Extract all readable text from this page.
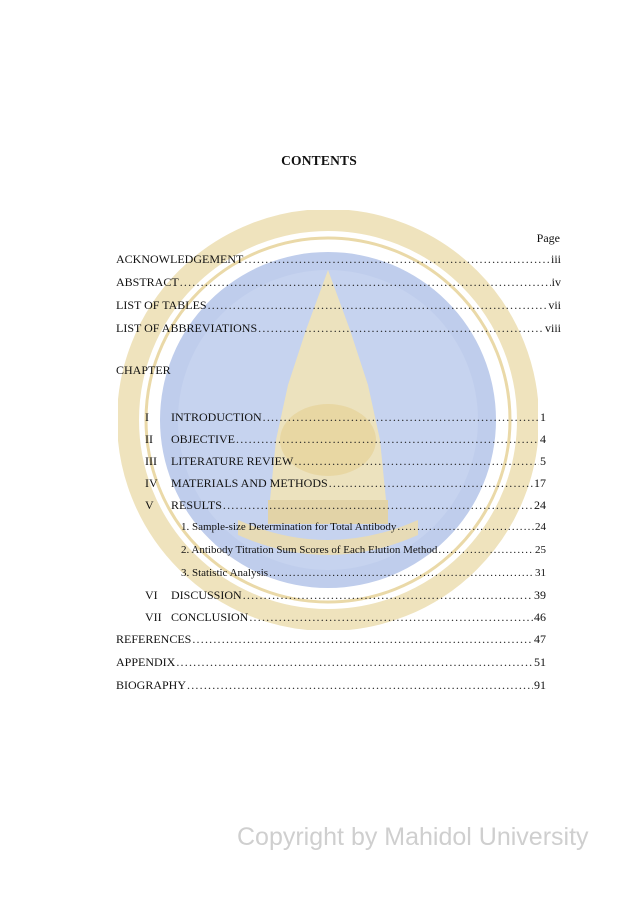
CONTENTS
Page
ACKNOWLEDGEMENT .....	iii
ABSTRACT .....	iv
LIST OF TABLES .....	vii
LIST OF ABBREVIATIONS .....	viii
CHAPTER
I INTRODUCTION .....	1
II OBJECTIVE .....	4
III LITERATURE REVIEW .....	5
IV MATERIALS AND METHODS .....	17
V RESULTS .....	24
1. Sample-size Determination for Total Antibody .....	24
2. Antibody Titration Sum Scores of Each Elution Method .....	25
3. Statistic Analysis .....	31
VI DISCUSSION .....	39
VII CONCLUSION .....	46
REFERENCES .....	47
APPENDIX .....	51
BIOGRAPHY .....	91
Copyright by Mahidol University
